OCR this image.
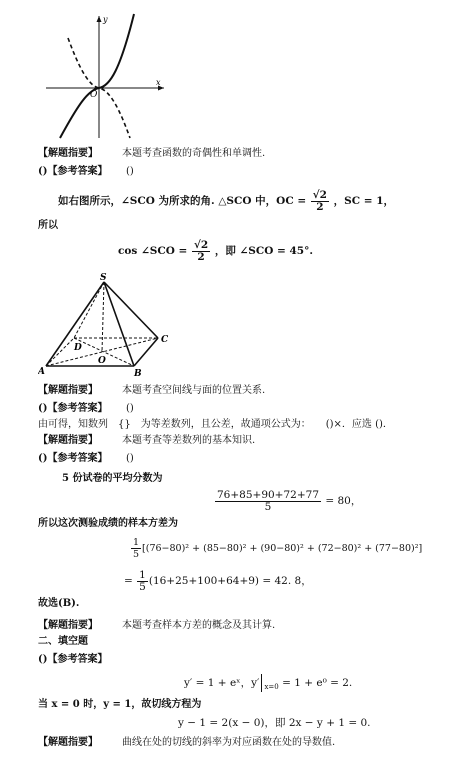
x
y
O
【解题指要】 本题考查函数的奇偶性和单调性.
()【参考答案】 ()
如右图所示，∠SCO 为所求的角. △SCO 中，OC = $\frac{√2}{2}$ ，SC = 1，
所以
cos ∠SCO = $\frac{√2}{2}$ ，即 ∠SCO = 45°.
S
A	B
C
D
O
【解题指要】 本题考查空间线与面的位置关系.
()【参考答案】 ()
由可得，知数列　{}　为等差数列，且公差，故通项公式为：　　()×．应选 ()．
【解题指要】 本题考查等差数列的基本知识.
()【参考答案】 ()
5 份试卷的平均分数为
$\frac{76+85+90+72+77}{5} = 80$，
所以这次测验成绩的样本方差为
$\frac{1}{5} [(76-80)^2 + (85-80)^2 + (90-80)^2 + (72-80)^2 + (77-80)^2]$
= $\frac{1}{5} (16+25+100+64+9) = 42$. 8，
故选(B).
【解题指要】 本题考查样本方差的概念及其计算.
二、填空题
()【参考答案】
y′ = 1 + eˣ，y′ $_{x=0}$ = 1 + e⁰ = 2.
当 x = 0 时，y = 1，故切线方程为
y − 1 = 2(x − 0)，即 2x − y + 1 = 0.
【解题指要】 曲线在处的切线的斜率为对应函数在处的导数值.
